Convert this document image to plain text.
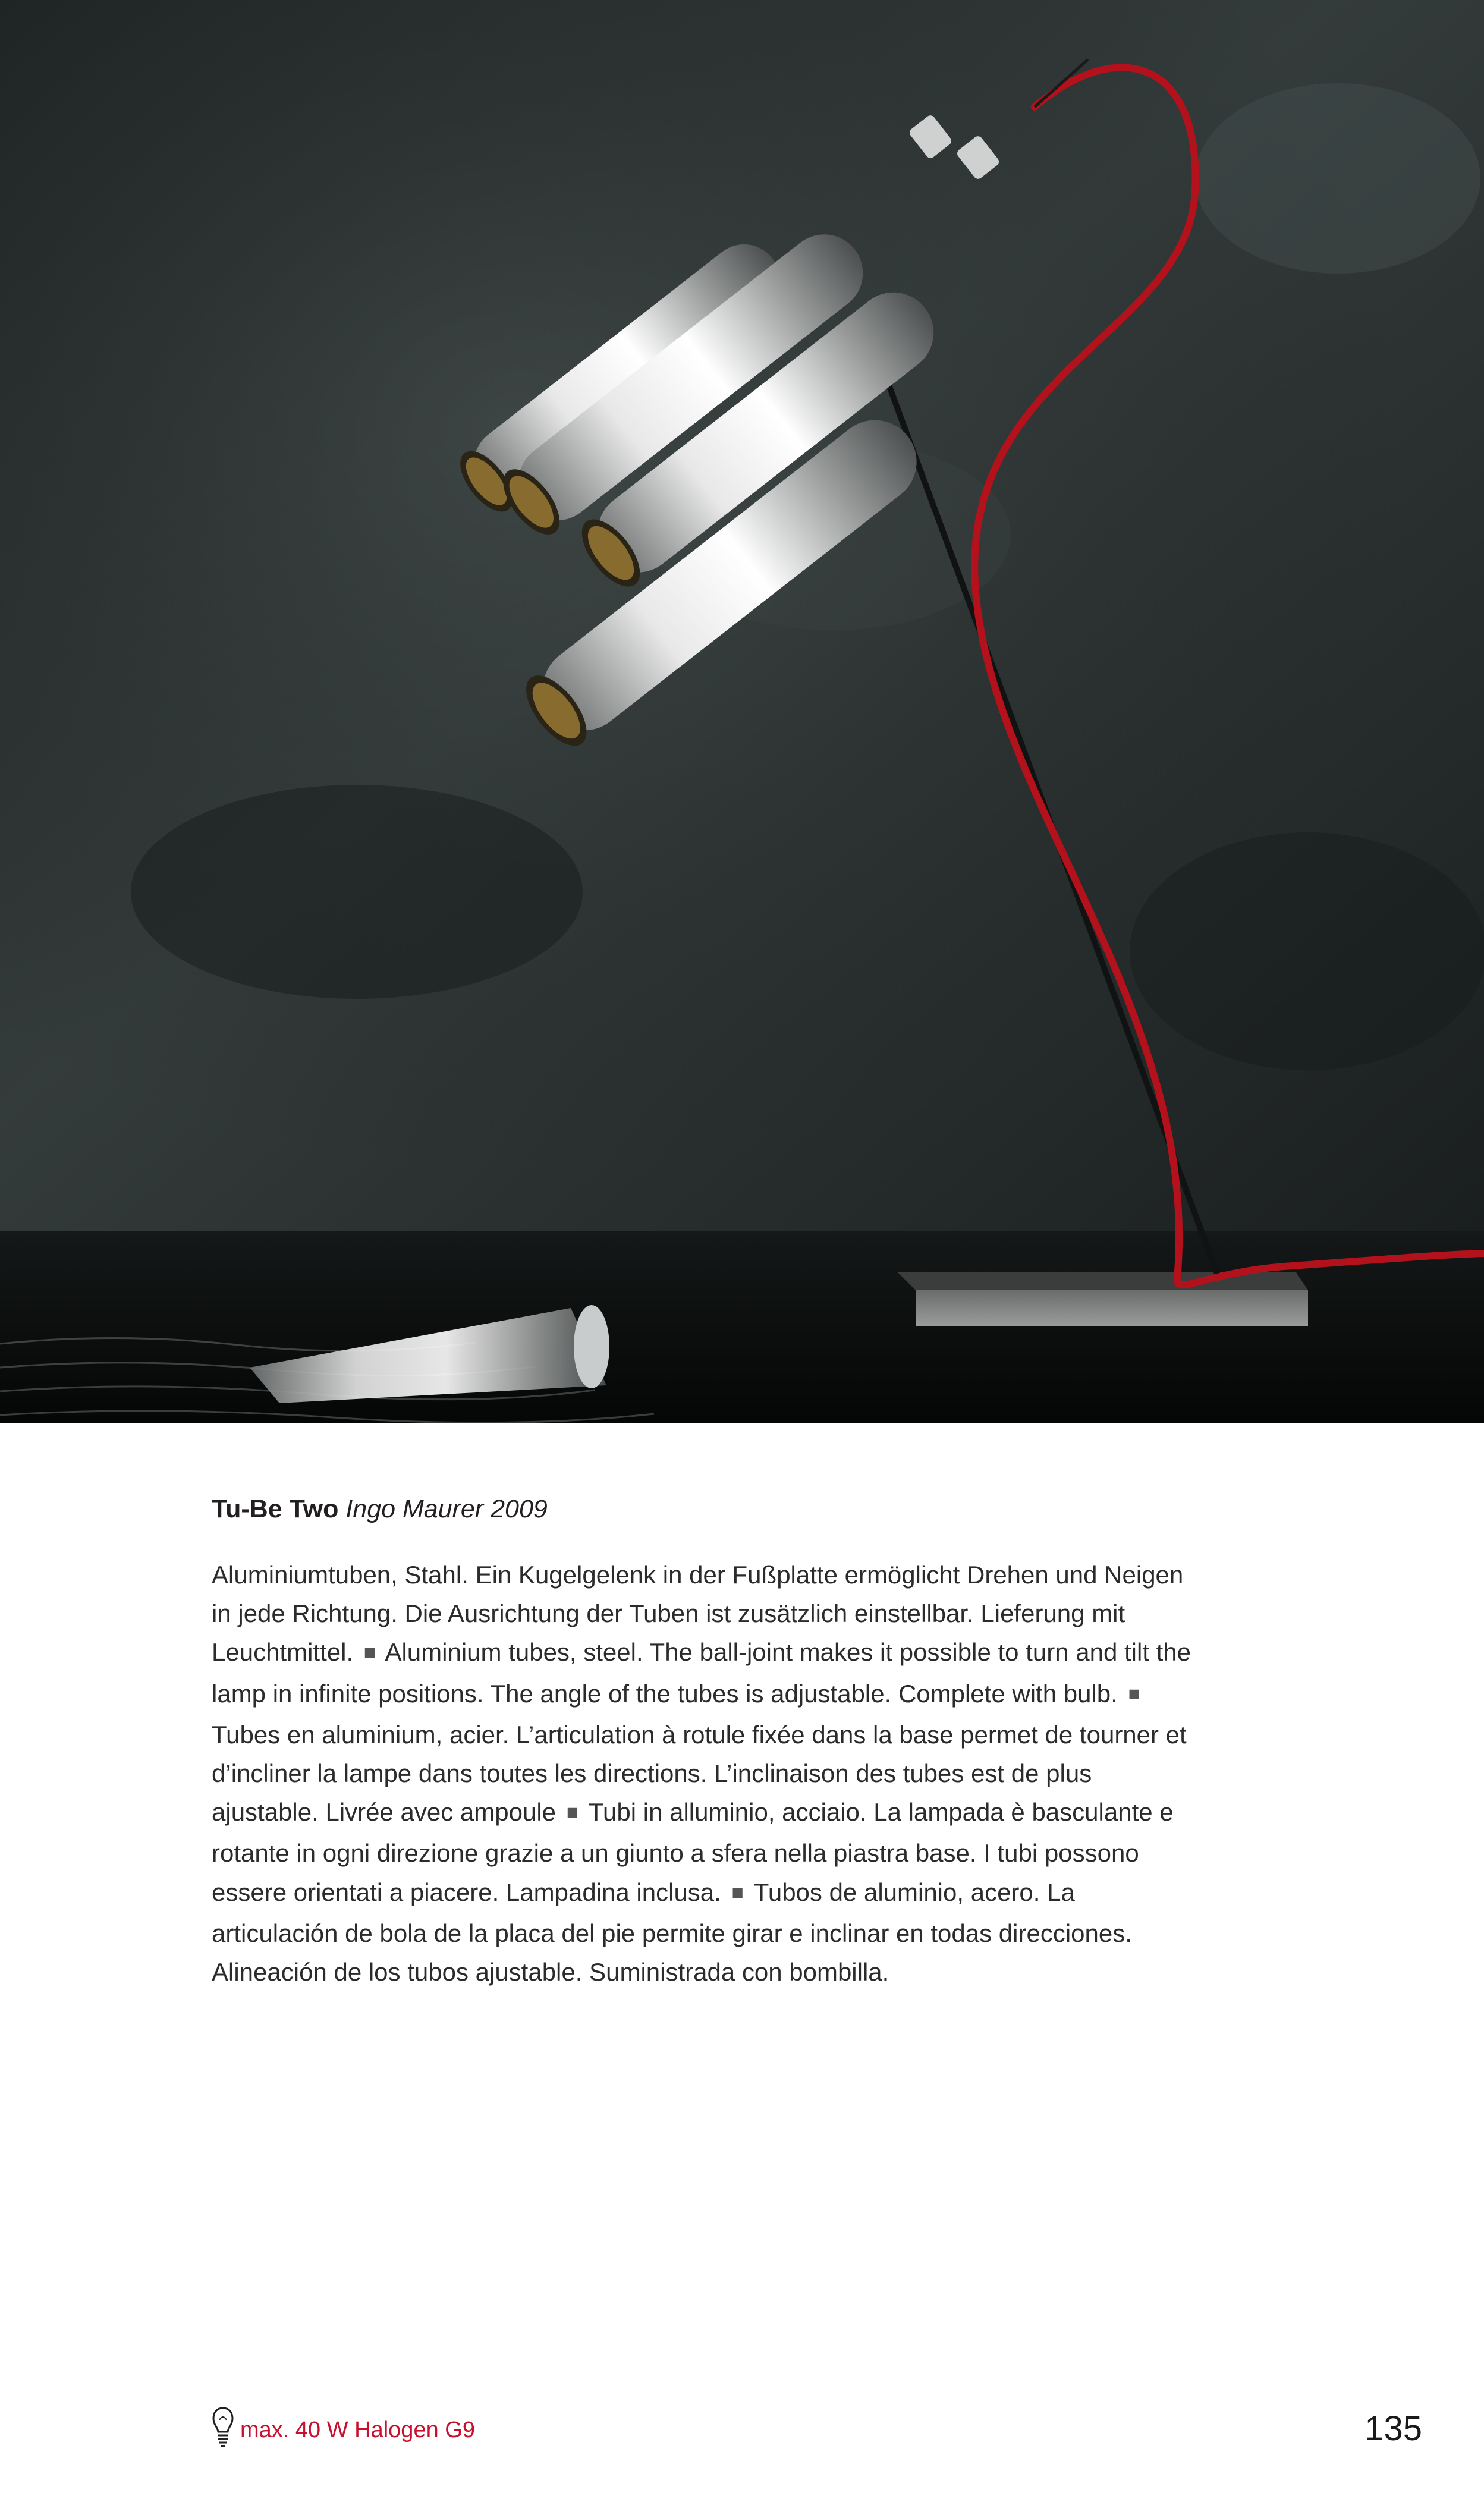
Tu-Be Two Ingo Maurer 2009
Aluminiumtuben, Stahl. Ein Kugelgelenk in der Fußplatte ermöglicht Drehen und Neigen in jede Richtung. Die Ausrichtung der Tuben ist zusätzlich einstellbar. Lieferung mit Leuchtmittel. ■ Aluminium tubes, steel. The ball-joint makes it possible to turn and tilt the lamp in infinite positions. The angle of the tubes is adjustable. Complete with bulb. ■ Tubes en aluminium, acier. L’articulation à rotule fixée dans la base permet de tourner et d’incliner la lampe dans toutes les directions. L’inclinaison des tubes est de plus ajustable. Livrée avec ampoule ■ Tubi in alluminio, acciaio. La lampada è basculante e rotante in ogni direzione grazie a un giunto a sfera nella piastra base. I tubi possono essere orientati a piacere. Lampadina inclusa. ■ Tubos de aluminio, acero. La articulación de bola de la placa del pie permite girar e inclinar en todas direcciones. Alineación de los tubos ajustable. Suministrada con bombilla.
max. 40 W Halogen G9	135
